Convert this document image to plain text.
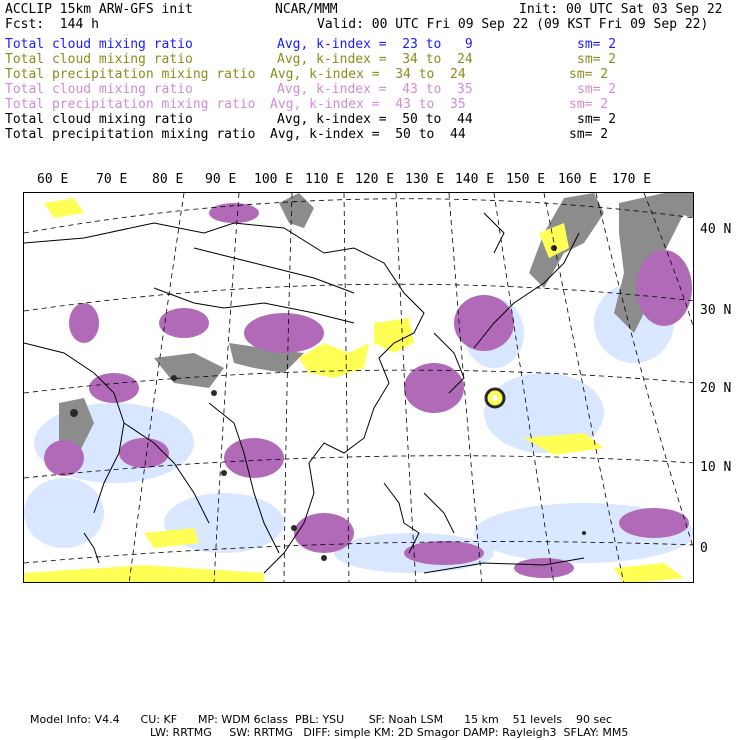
ACCLIP 15km ARW-GFS init	NCAR/MMM	Init: 00 UTC Sat 03 Sep 22
Fcst:  144 h	Valid: 00 UTC Fri 09 Sep 22 (09 KST Fri 09 Sep 22)
Total cloud mixing ratio	Avg, k-index =  23 to   9	sm= 2
Total cloud mixing ratio	Avg, k-index =  34 to  24	sm= 2
Total precipitation mixing ratio Avg, k-index =  34 to  24	sm= 2
Total cloud mixing ratio	Avg, k-index =  43 to  35	sm= 2
Total precipitation mixing ratio Avg, k-index =  43 to  35	sm= 2
Total cloud mixing ratio	Avg, k-index =  50 to  44	sm= 2
Total precipitation mixing ratio Avg, k-index =  50 to  44	sm= 2
60 E 70 E 80 E 90 E 100 E 110 E 120 E 130 E 140 E 150 E 160 E 170 E
40 N
30 N
20 N
10 N
0
Model Info: V4.4      CU: KF      MP: WDM 6class  PBL: YSU       SF: Noah LSM      15 km    51 levels    90 sec
LW: RRTMG     SW: RRTMG   DIFF: simple KM: 2D Smagor DAMP: Rayleigh3  SFLAY: MM5
